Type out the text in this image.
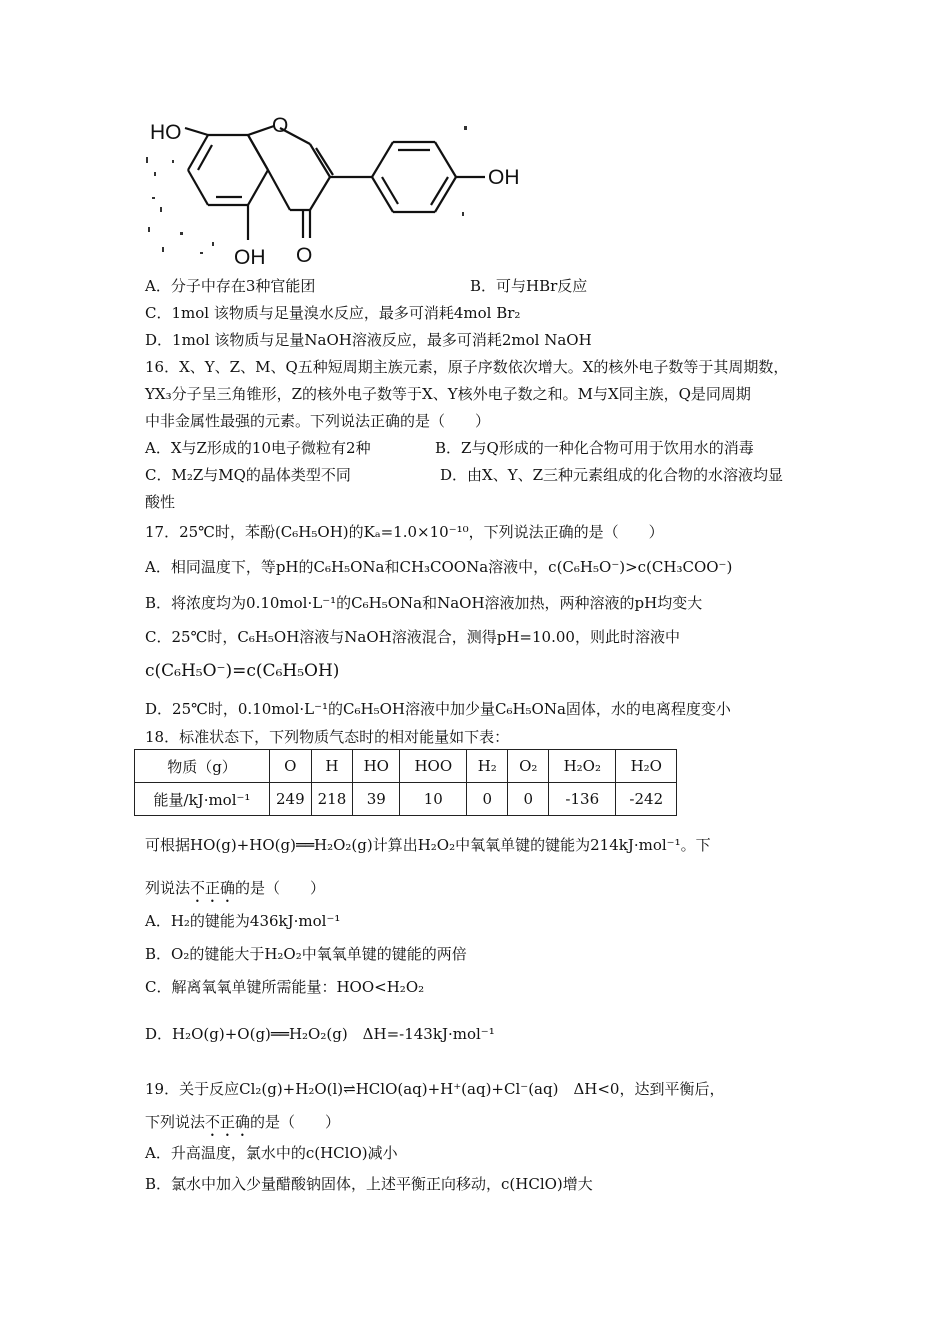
HO	O
OH
OH O
A．分子中存在3种官能团	B．可与HBr反应
C．1mol 该物质与足量溴水反应，最多可消耗4mol Br₂
D．1mol 该物质与足量NaOH溶液反应，最多可消耗2mol NaOH
16．X、Y、Z、M、Q五种短周期主族元素，原子序数依次增大。X的核外电子数等于其周期数，
YX₃分子呈三角锥形，Z的核外电子数等于X、Y核外电子数之和。M与X同主族，Q是同周期
中非金属性最强的元素。下列说法正确的是（　　）
A．X与Z形成的10电子微粒有2种	B．Z与Q形成的一种化合物可用于饮用水的消毒
C．M₂Z与MQ的晶体类型不同	D．由X、Y、Z三种元素组成的化合物的水溶液均显
酸性
17．25℃时，苯酚(C₆H₅OH)的Kₐ=1.0×10⁻¹⁰，下列说法正确的是（　　）
A．相同温度下，等pH的C₆H₅ONa和CH₃COONa溶液中，c(C₆H₅O⁻)>c(CH₃COO⁻)
B．将浓度均为0.10mol·L⁻¹的C₆H₅ONa和NaOH溶液加热，两种溶液的pH均变大
C．25℃时，C₆H₅OH溶液与NaOH溶液混合，测得pH=10.00，则此时溶液中
c(C₆H₅O⁻)=c(C₆H₅OH)
D．25℃时，0.10mol·L⁻¹的C₆H₅OH溶液中加少量C₆H₅ONa固体，水的电离程度变小
18．标准状态下，下列物质气态时的相对能量如下表：
物质（g）	O	H	HO	HOO	H₂	O₂	H₂O₂	H₂O
能量/kJ·mol⁻¹	249	218	39	10	0	0	-136	-242
可根据HO(g)+HO(g)══H₂O₂(g)计算出H₂O₂中氧氧单键的键能为214kJ·mol⁻¹。下
列说法不正确的是（　　）
A．H₂的键能为436kJ·mol⁻¹
B．O₂的键能大于H₂O₂中氧氧单键的键能的两倍
C．解离氧氧单键所需能量：HOO<H₂O₂
D．H₂O(g)+O(g)══H₂O₂(g)　ΔH=-143kJ·mol⁻¹
19．关于反应Cl₂(g)+H₂O(l)⇌HClO(aq)+H⁺(aq)+Cl⁻(aq)　ΔH<0，达到平衡后，
下列说法不正确的是（　　）
A．升高温度，氯水中的c(HClO)减小
B．氯水中加入少量醋酸钠固体，上述平衡正向移动，c(HClO)增大
